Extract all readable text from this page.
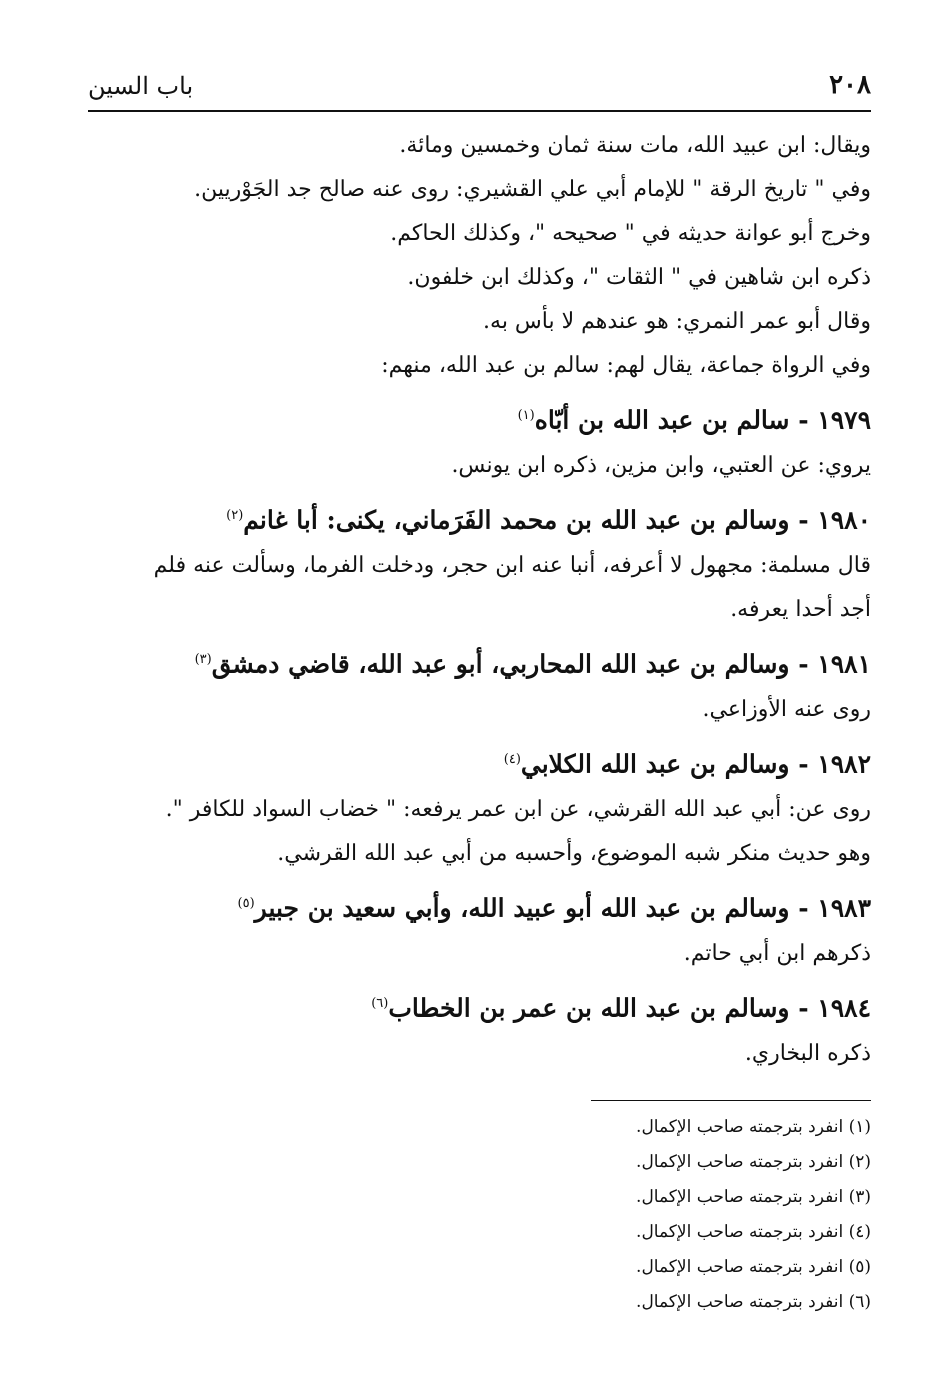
٢٠٨
باب السين
ويقال: ابن عبيد الله، مات سنة ثمان وخمسين ومائة.
وفي " تاريخ الرقة " للإمام أبي علي القشيري: روى عنه صالح جد الجَوْريين.
وخرج أبو عوانة حديثه في " صحيحه "، وكذلك الحاكم.
ذكره ابن شاهين في " الثقات "، وكذلك ابن خلفون.
وقال أبو عمر النمري: هو عندهم لا بأس به.
وفي الرواة جماعة، يقال لهم: سالم بن عبد الله، منهم:
١٩٧٩ - سالم بن عبد الله بن أبّاه$^{(١)}$
يروي: عن العتبي، وابن مزين، ذكره ابن يونس.
١٩٨٠ - وسالم بن عبد الله بن محمد الفَرَماني، يكنى: أبا غانم$^{(٢)}$
قال مسلمة: مجهول لا أعرفه، أنبا عنه ابن حجر، ودخلت الفرما، وسألت عنه فلم
أجد أحدا يعرفه.
١٩٨١ - وسالم بن عبد الله المحاربي، أبو عبد الله، قاضي دمشق$^{(٣)}$
روى عنه الأوزاعي.
١٩٨٢ - وسالم بن عبد الله الكلابي$^{(٤)}$
روى عن: أبي عبد الله القرشي، عن ابن عمر يرفعه: " خضاب السواد للكافر ".
وهو حديث منكر شبه الموضوع، وأحسبه من أبي عبد الله القرشي.
١٩٨٣ - وسالم بن عبد الله أبو عبيد الله، وأبي سعيد بن جبير$^{(٥)}$
ذكرهم ابن أبي حاتم.
١٩٨٤ - وسالم بن عبد الله بن عمر بن الخطاب$^{(٦)}$
ذكره البخاري.
(١) انفرد بترجمته صاحب الإكمال.
(٢) انفرد بترجمته صاحب الإكمال.
(٣) انفرد بترجمته صاحب الإكمال.
(٤) انفرد بترجمته صاحب الإكمال.
(٥) انفرد بترجمته صاحب الإكمال.
(٦) انفرد بترجمته صاحب الإكمال.
